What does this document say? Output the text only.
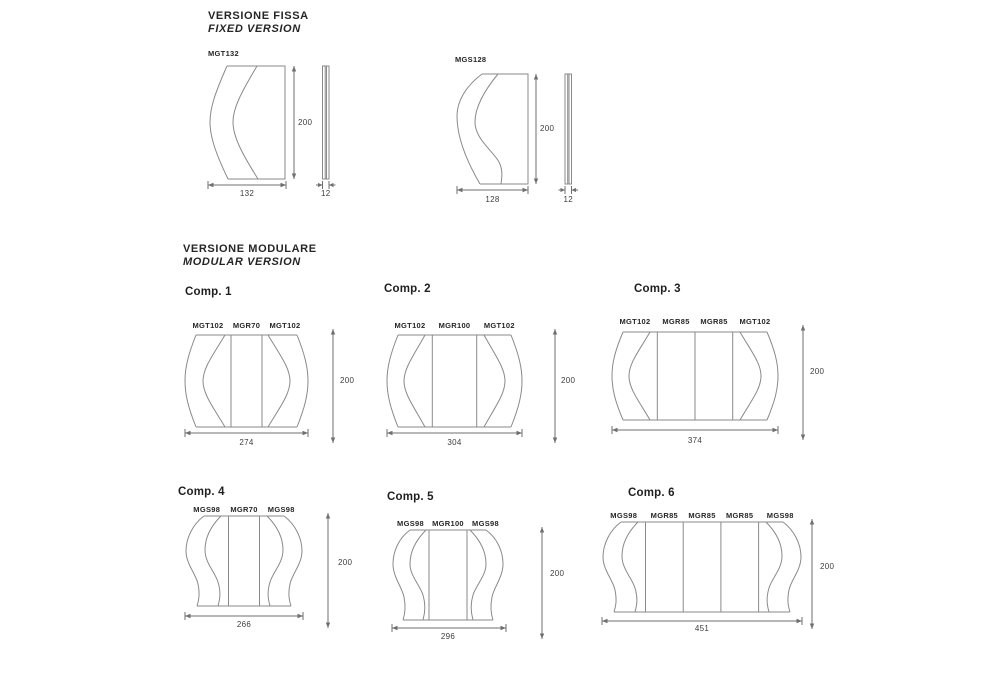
VERSIONE FISSA
FIXED VERSION
MGT132
200
132	12
MGS128
200
128	12
VERSIONE MODULARE
MODULAR VERSION
Comp. 1	Comp. 2	Comp. 3
Comp. 4	Comp. 5	Comp. 6
MGT102	MGR70	MGT102
200
274
MGT102	MGR100	MGT102
200
304
MGT102	MGR85	MGR85	MGT102
200
374
MGS98	MGR70	MGS98
200
266
MGS98	MGR100	MGS98
200
296
MGS98	MGR85	MGR85	MGR85	MGS98
200
451
